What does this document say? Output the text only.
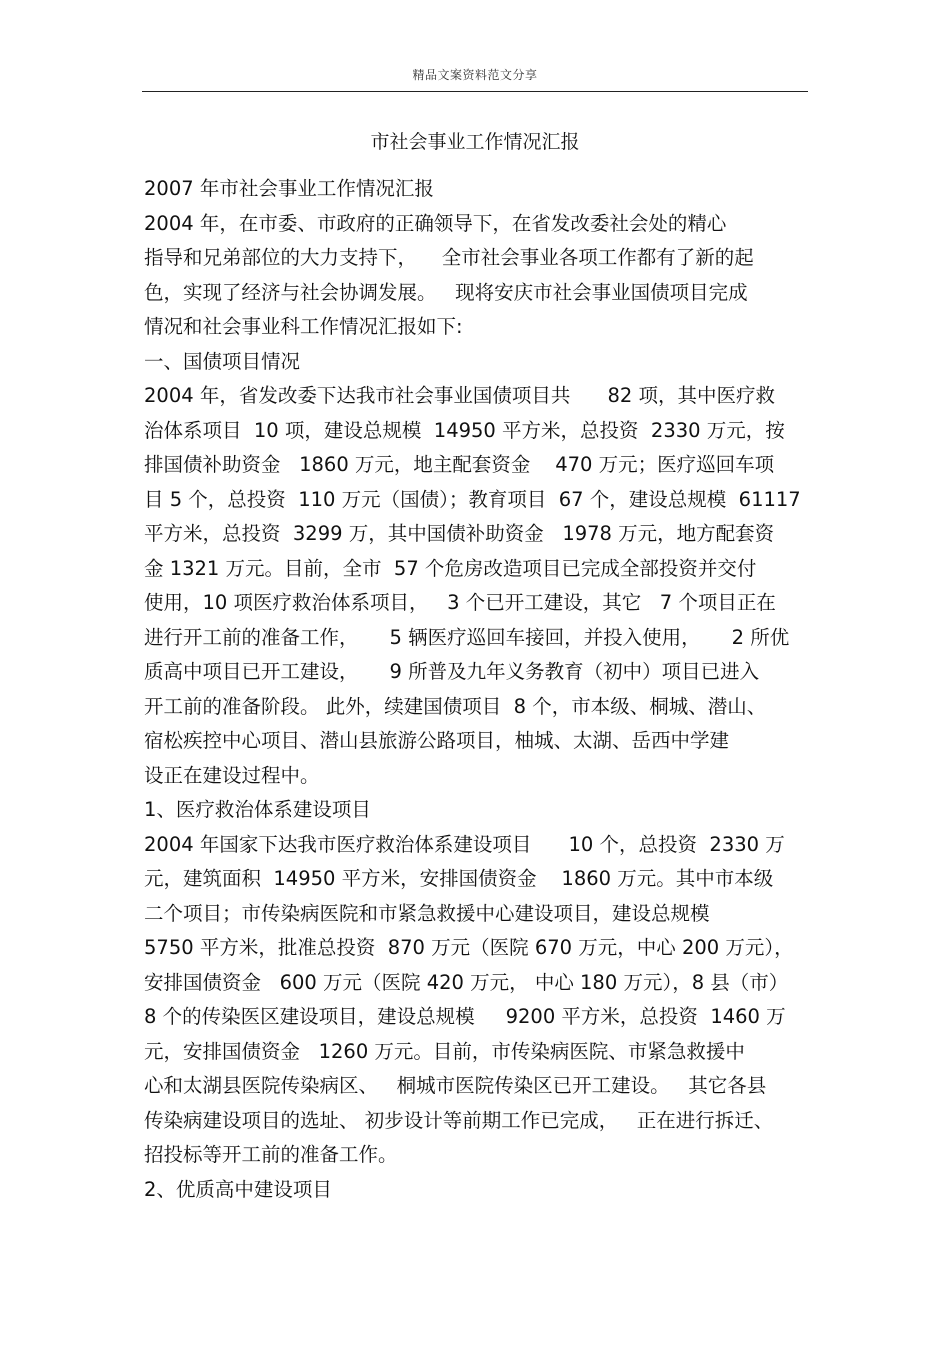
精品文案资料范文分享
市社会事业工作情况汇报
2007 年市社会事业工作情况汇报
2004 年，在市委、市政府的正确领导下，在省发改委社会处的精心
指导和兄弟部位的大力支持下，    全市社会事业各项工作都有了新的起
色，实现了经济与社会协调发展。   现将安庆市社会事业国债项目完成
情况和社会事业科工作情况汇报如下:
一、国债项目情况
2004 年，省发改委下达我市社会事业国债项目共      82 项，其中医疗救
治体系项目  10 项，建设总规模  14950 平方米，总投资  2330 万元，按
排国债补助资金   1860 万元，地主配套资金    470 万元；医疗巡回车项
目 5 个，总投资  110 万元（国债）；教育项目  67 个，建设总规模  61117
平方米，总投资  3299 万，其中国债补助资金   1978 万元，地方配套资
金 1321 万元。目前，全市  57 个危房改造项目已完成全部投资并交付
使用，10 项医疗救治体系项目，   3 个已开工建设，其它   7 个项目正在
进行开工前的准备工作，     5 辆医疗巡回车接回，并投入使用，     2 所优
质高中项目已开工建设，     9 所普及九年义务教育（初中）项目已进入
开工前的准备阶段。 此外，续建国债项目  8 个，市本级、桐城、潜山、
宿松疾控中心项目、潜山县旅游公路项目，柚城、太湖、岳西中学建
设正在建设过程中。
1、医疗救治体系建设项目
2004 年国家下达我市医疗救治体系建设项目      10 个，总投资  2330 万
元，建筑面积  14950 平方米，安排国债资金    1860 万元。其中市本级
二个项目；市传染病医院和市紧急救援中心建设项目，建设总规模
5750 平方米，批准总投资  870 万元（医院 670 万元，中心 200 万元），
安排国债资金   600 万元（医院 420 万元， 中心 180 万元），8 县（市）
8 个的传染医区建设项目，建设总规模     9200 平方米，总投资  1460 万
元，安排国债资金   1260 万元。目前，市传染病医院、市紧急救援中
心和太湖县医院传染病区、   桐城市医院传染区已开工建设。   其它各县
传染病建设项目的选址、 初步设计等前期工作已完成，   正在进行拆迁、
招投标等开工前的准备工作。
2、优质高中建设项目
